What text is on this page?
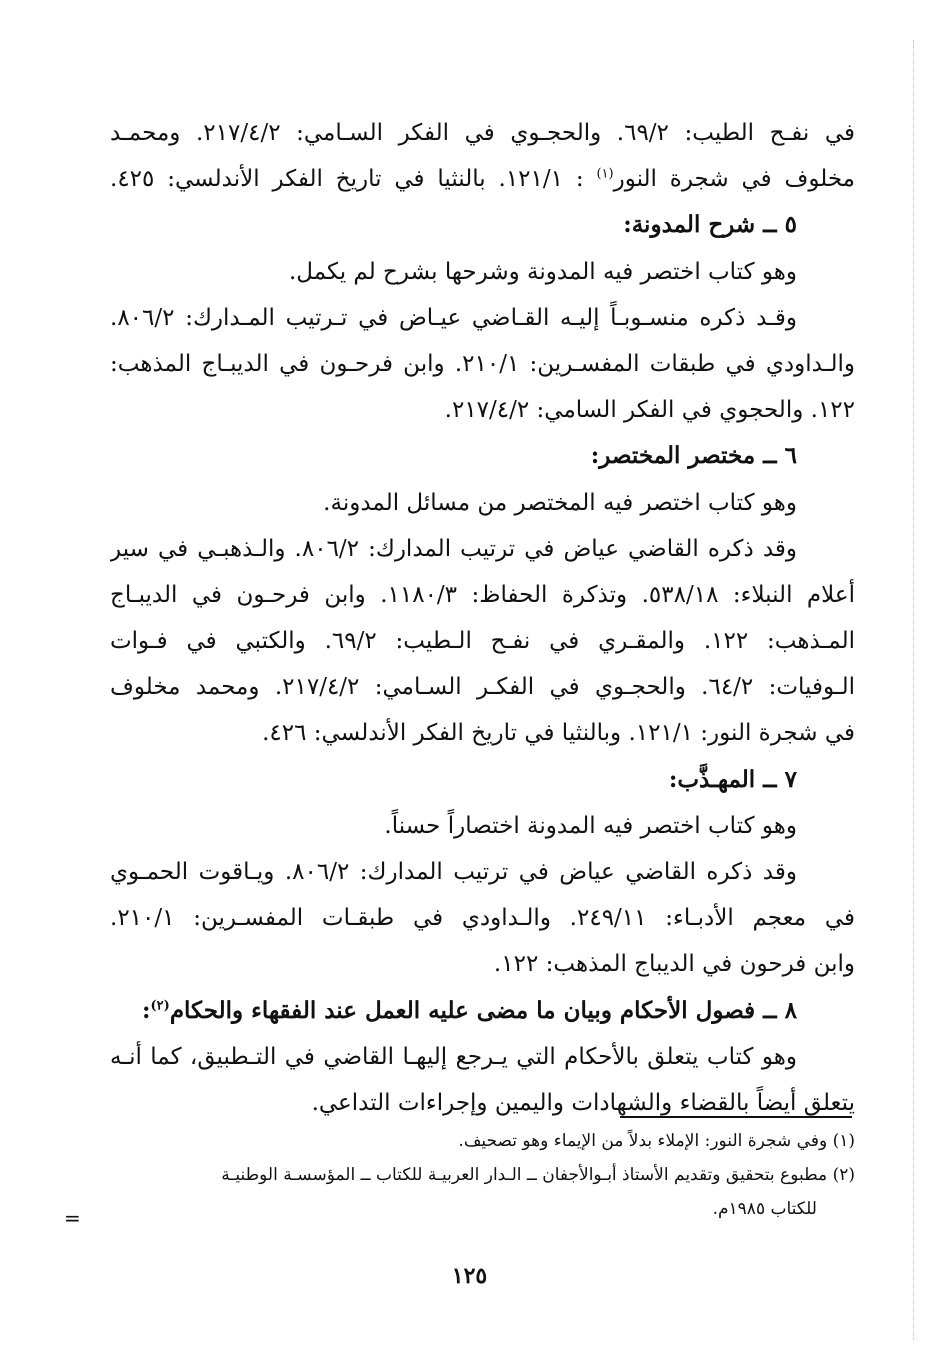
في نفـح الطيب: ٦٩/٢. والحجـوي في الفكر السـامي: ٢١٧/٤/٢. ومحمـد
مخلوف في شجرة النور$^{(١)}$ : ١٢١/١. بالنثيا في تاريخ الفكر الأندلسي: ٤٢٥.
٥ ــ شرح المدونة:
وهو كتاب اختصر فيه المدونة وشرحها بشرح لم يكمل.
وقـد ذكره منسـوبـاً إليـه القـاضي عيـاض في تـرتيب المـدارك: ٨٠٦/٢.
والـداودي في طبقات المفسـرين: ٢١٠/١. وابن فرحـون في الديبـاج المذهب:
١٢٢. والحجوي في الفكر السامي: ٢١٧/٤/٢.
٦ ــ مختصر المختصر:
وهو كتاب اختصر فيه المختصر من مسائل المدونة.
وقد ذكره القاضي عياض في ترتيب المدارك: ٨٠٦/٢. والـذهبـي في سير
أعلام النبلاء: ٥٣٨/١٨. وتذكرة الحفاظ: ١١٨٠/٣. وابن فرحـون في الديبـاج
المـذهب: ١٢٢. والمقـري في نفـح الـطيب: ٦٩/٢. والكتبي في فـوات
الـوفيات: ٦٤/٢. والحجـوي في الفكـر السـامي: ٢١٧/٤/٢. ومحمد مخلوف
في شجرة النور: ١٢١/١. وبالنثيا في تاريخ الفكر الأندلسي: ٤٢٦.
٧ ــ المهـذَّب:
وهو كتاب اختصر فيه المدونة اختصاراً حسناً.
وقد ذكره القاضي عياض في ترتيب المدارك: ٨٠٦/٢. ويـاقوت الحمـوي
في معجم الأدبـاء: ٢٤٩/١١. والـداودي في طبقـات المفسـرين: ٢١٠/١.
وابن فرحون في الديباج المذهب: ١٢٢.
٨ ــ فصول الأحكام وبيان ما مضى عليه العمل عند الفقهاء والحكام$^{(٢)}$:
وهو كتاب يتعلق بالأحكام التي يـرجع إليهـا القاضي في التـطبيق، كما أنـه
يتعلق أيضاً بالقضاء والشهادات واليمين وإجراءات التداعي.
(١) وفي شجرة النور: الإملاء بدلاً من الإيماء وهو تصحيف.
(٢) مطبوع بتحقيق وتقديم الأستاذ أبـوالأجفان ــ الـدار العربيـة للكتاب ــ المؤسسـة الوطنيـة
للكتاب ١٩٨٥م.
=
١٢٥
